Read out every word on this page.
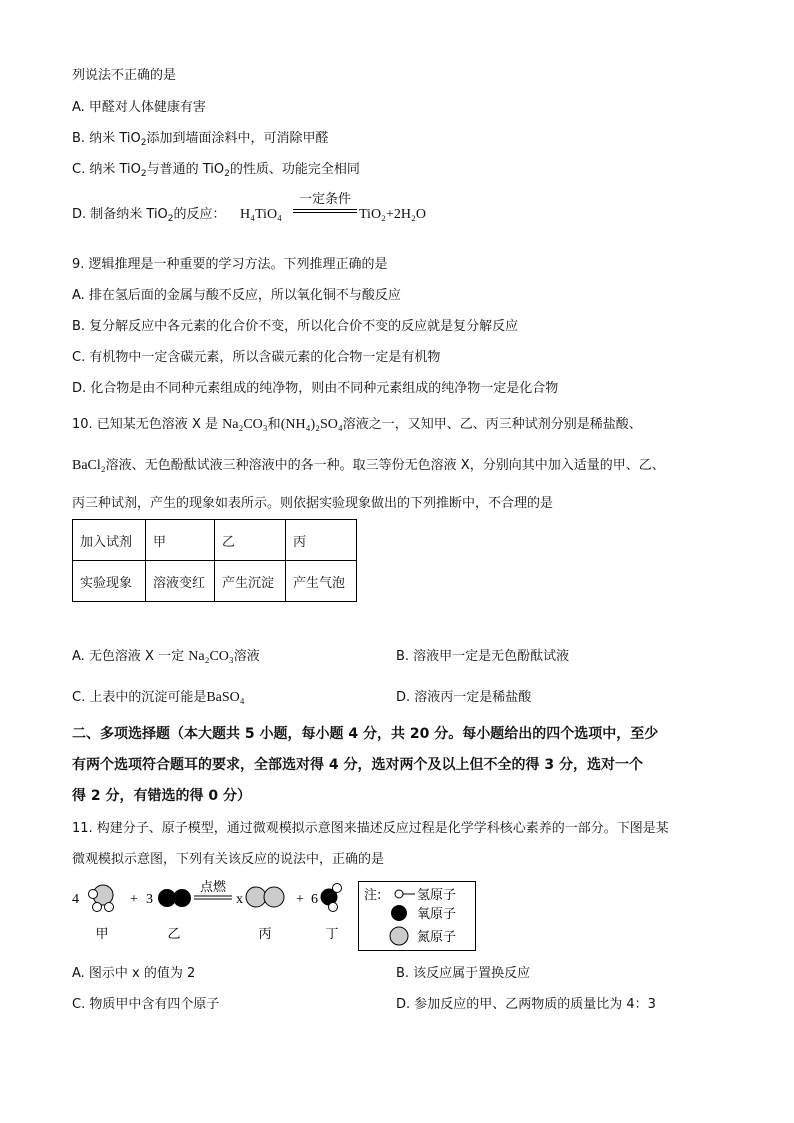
列说法不正确的是
A. 甲醛对人体健康有害
B. 纳米 TiO$_2$添加到墙面涂料中，可消除甲醛
C. 纳米 TiO$_2$与普通的 TiO$_2$的性质、功能完全相同
D. 制备纳米 TiO$_2$的反应： H₄TiO₄
一定条件
TiO₂+2H₂O
9. 逻辑推理是一种重要的学习方法。下列推理正确的是
A. 排在氢后面的金属与酸不反应，所以氧化铜不与酸反应
B. 复分解反应中各元素的化合价不变，所以化合价不变的反应就是复分解反应
C. 有机物中一定含碳元素，所以含碳元素的化合物一定是有机物
D. 化合物是由不同种元素组成的纯净物，则由不同种元素组成的纯净物一定是化合物
10. 已知某无色溶液 X 是 Na₂CO₃和(NH₄)₂SO₄溶液之一，又知甲、乙、丙三种试剂分别是稀盐酸、
BaCl₂溶液、无色酚酞试液三种溶液中的各一种。取三等份无色溶液 X，分别向其中加入适量的甲、乙、
丙三种试剂，产生的现象如表所示。则依据实验现象做出的下列推断中，不合理的是
加入试剂	甲	乙	丙
实验现象	溶液变红	产生沉淀	产生气泡
A. 无色溶液 X 一定 Na₂CO₃溶液	B. 溶液甲一定是无色酚酞试液
C. 上表中的沉淀可能是BaSO₄	D. 溶液丙一定是稀盐酸
二、多项选择题（本大题共 5 小题，每小题 4 分，共 20 分。每小题给出的四个选项中，至少
有两个选项符合题耳的要求，全部选对得 4 分，选对两个及以上但不全的得 3 分，选对一个
得 2 分，有错选的得 0 分）
11. 构建分子、原子模型，通过微观模拟示意图来描述反应过程是化学学科核心素养的一部分。下图是某
微观模拟示意图，下列有关该反应的说法中，正确的是
4	+ 3
点燃
x	+ 6
甲	乙	丙	丁
注:	氢原子
氧原子
氮原子
A. 图示中 x 的值为 2	B. 该反应属于置换反应
C. 物质甲中含有四个原子	D. 参加反应的甲、乙两物质的质量比为 4：3
